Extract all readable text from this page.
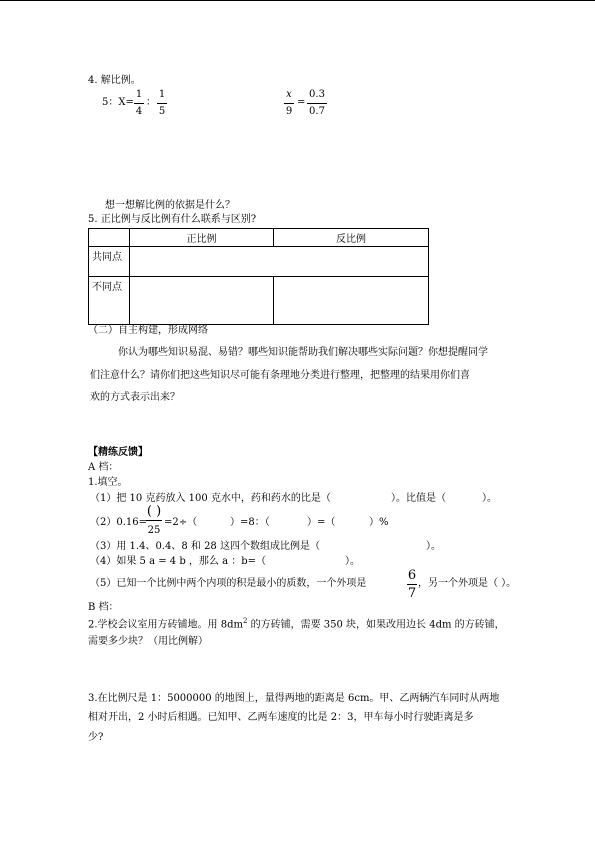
4. 解比例。
5：X=
1
4
：
1
5
x
9
=
0.3
0.7
想一想解比例的依据是什么？
5. 正比例与反比例有什么联系与区别?
	正比例	反比例
共同点		
不同点		
（二）自主构建，形成网络
你认为哪些知识易混、易错？哪些知识能帮助我们解决哪些实际问题？你想提醒同学
们注意什么？请你们把这些知识尽可能有条理地分类进行整理，把整理的结果用你们喜
欢的方式表示出来？
【精练反馈】
A 档：
1.填空。
（1）把 10 克药放入 100 克水中，药和药水的比是（	）。比值是（	）。
（2）0.16=
( )
25
=2÷（	）=8：（	）=（	）%
（3）用 1.4、0.4、8 和 28 这四个数组成比例是（	）。
（4）如果 5 a = 4 b ，那么 a ：b=（	）。
（5）已知一个比例中两个内项的积是最小的质数，一个外项是
6
7
，另一个外项是（ ）。
B 档：
2.学校会议室用方砖铺地。用 $8dm^2$ 的方砖铺，需要 350 块，如果改用边长 4dm 的方砖铺，
需要多少块？（用比例解）
3.在比例尺是 1：5000000 的地图上，量得两地的距离是 6cm。甲、乙两辆汽车同时从两地
相对开出，2 小时后相遇。已知甲、乙两车速度的比是 2：3，甲车每小时行驶距离是多
少?
